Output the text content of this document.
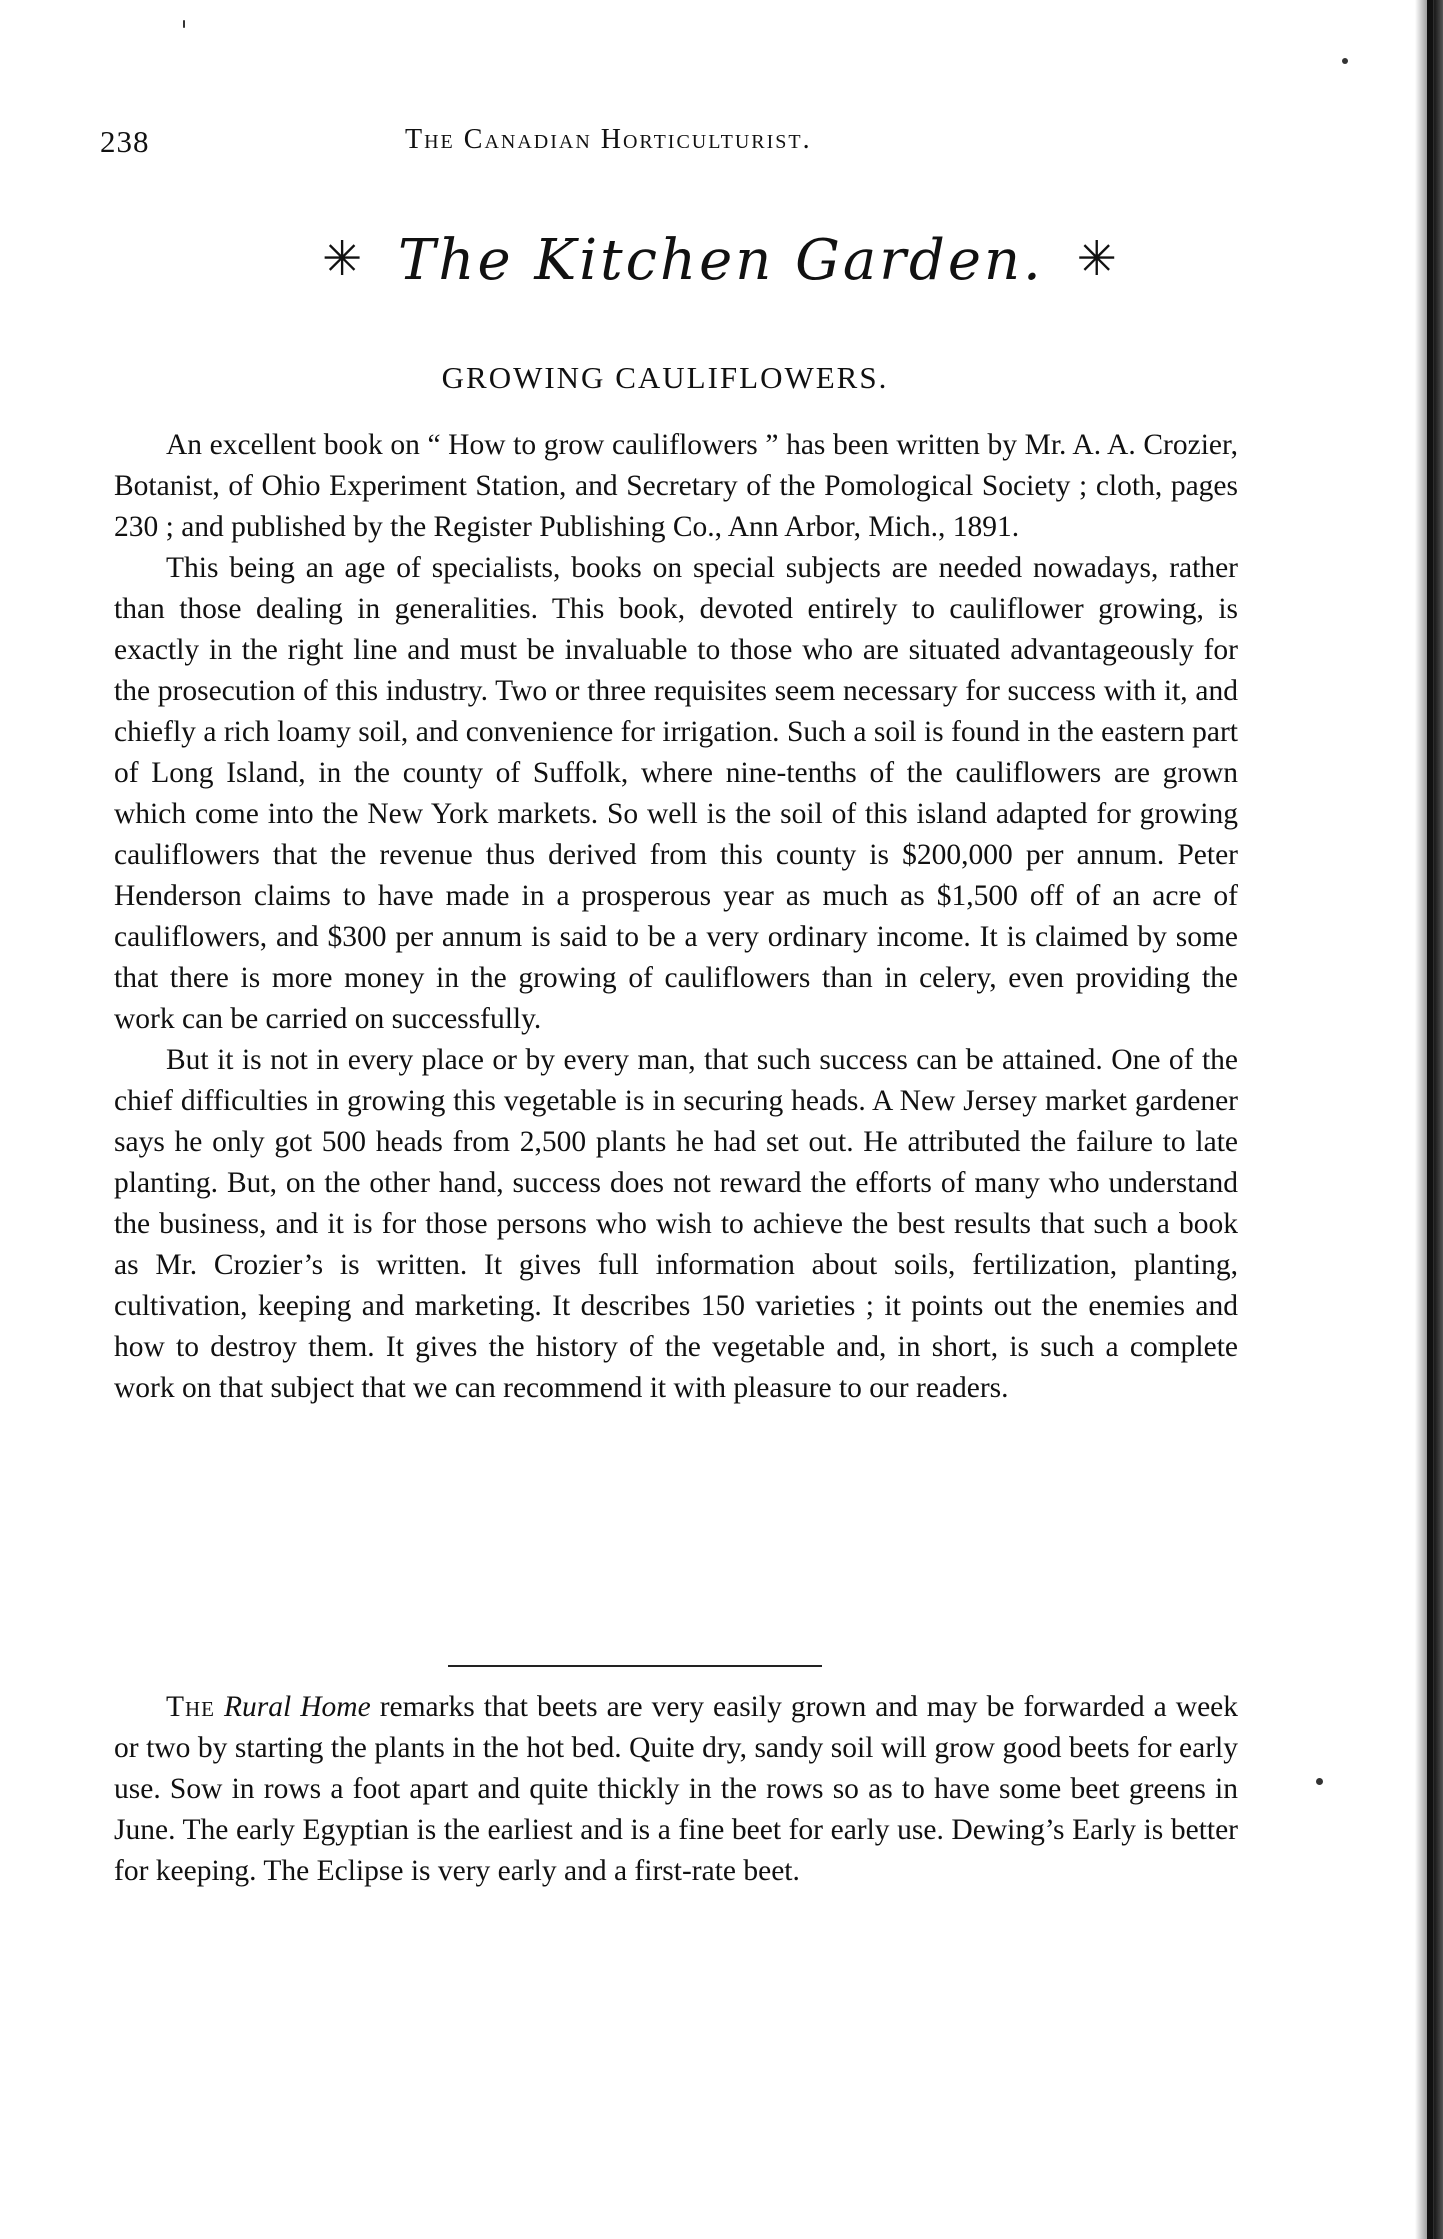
238	The Canadian Horticulturist.
✳ The Kitchen Garden. ✳
GROWING CAULIFLOWERS.

An excellent book on “ How to grow cauliflowers ” has been written by Mr. A. A. Crozier, Botanist, of Ohio Experiment Station, and Secretary of the Pomological Society ; cloth, pages 230 ; and published by the Register Publishing Co., Ann Arbor, Mich., 1891.

This being an age of specialists, books on special subjects are needed nowadays, rather than those dealing in generalities. This book, devoted entirely to cauliflower growing, is exactly in the right line and must be invaluable to those who are situated advantageously for the prosecution of this industry. Two or three requisites seem necessary for success with it, and chiefly a rich loamy soil, and convenience for irrigation. Such a soil is found in the eastern part of Long Island, in the county of Suffolk, where nine-tenths of the cauliflowers are grown which come into the New York markets. So well is the soil of this island adapted for growing cauliflowers that the revenue thus derived from this county is $200,000 per annum. Peter Henderson claims to have made in a prosperous year as much as $1,500 off of an acre of cauliflowers, and $300 per annum is said to be a very ordinary income. It is claimed by some that there is more money in the growing of cauliflowers than in celery, even providing the work can be carried on successfully.

But it is not in every place or by every man, that such success can be attained. One of the chief difficulties in growing this vegetable is in securing heads. A New Jersey market gardener says he only got 500 heads from 2,500 plants he had set out. He attributed the failure to late planting. But, on the other hand, success does not reward the efforts of many who understand the business, and it is for those persons who wish to achieve the best results that such a book as Mr. Crozier’s is written. It gives full information about soils, fertilization, planting, cultivation, keeping and marketing. It describes 150 varieties ; it points out the enemies and how to destroy them. It gives the history of the vegetable and, in short, is such a complete work on that subject that we can recommend it with pleasure to our readers.

The Rural Home remarks that beets are very easily grown and may be forwarded a week or two by starting the plants in the hot bed. Quite dry, sandy soil will grow good beets for early use. Sow in rows a foot apart and quite thickly in the rows so as to have some beet greens in June. The early Egyptian is the earliest and is a fine beet for early use. Dewing’s Early is better for keeping. The Eclipse is very early and a first-rate beet.
